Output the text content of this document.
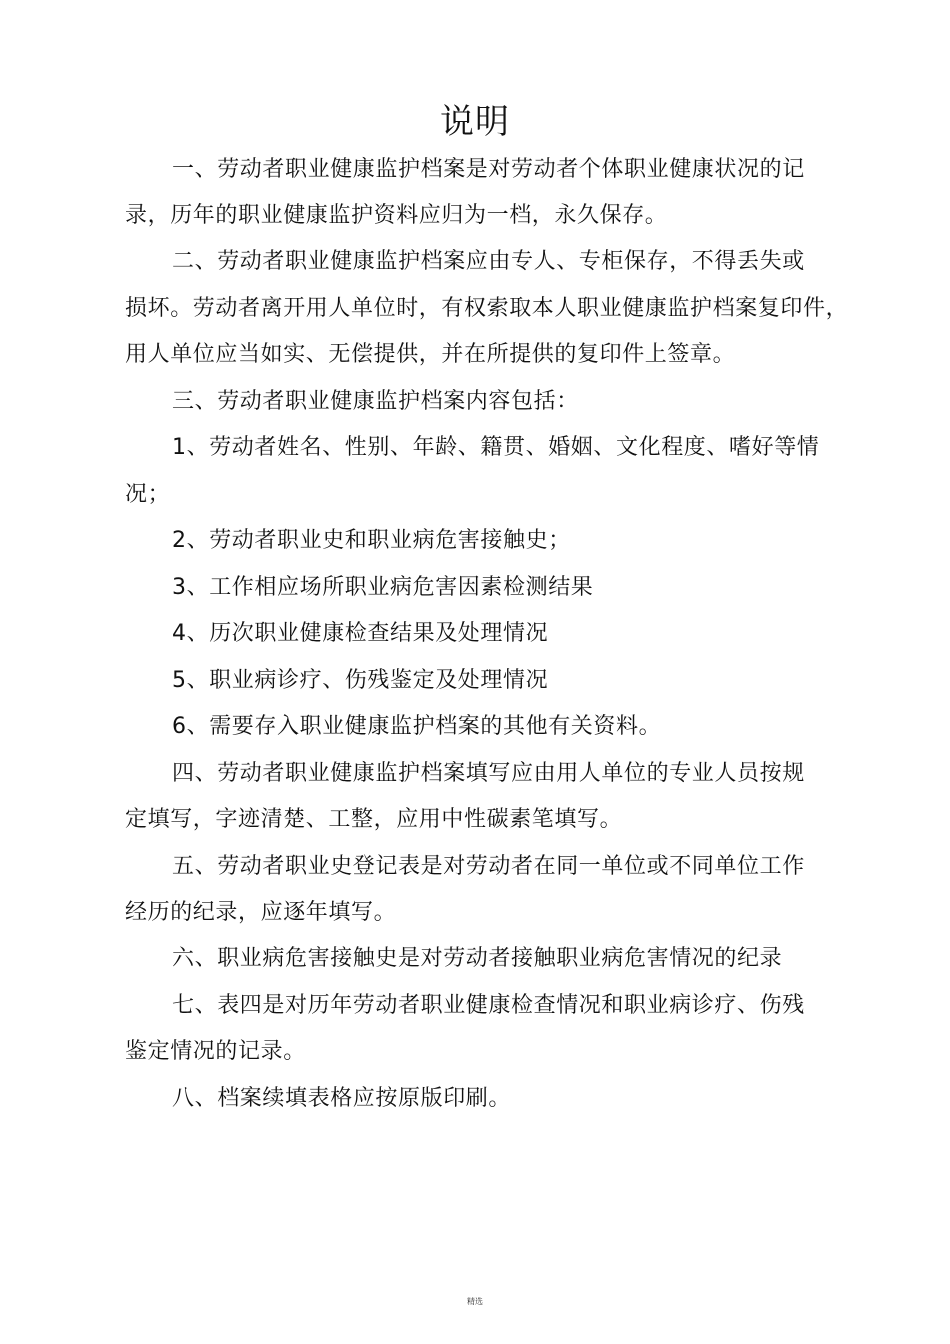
说明
一、劳动者职业健康监护档案是对劳动者个体职业健康状况的记
录，历年的职业健康监护资料应归为一档，永久保存。
二、劳动者职业健康监护档案应由专人、专柜保存，不得丢失或
损坏。劳动者离开用人单位时，有权索取本人职业健康监护档案复印件，
用人单位应当如实、无偿提供，并在所提供的复印件上签章。
三、劳动者职业健康监护档案内容包括：
1、劳动者姓名、性别、年龄、籍贯、婚姻、文化程度、嗜好等情
况；
2、劳动者职业史和职业病危害接触史；
3、工作相应场所职业病危害因素检测结果
4、历次职业健康检查结果及处理情况
5、职业病诊疗、伤残鉴定及处理情况
6、需要存入职业健康监护档案的其他有关资料。
四、劳动者职业健康监护档案填写应由用人单位的专业人员按规
定填写，字迹清楚、工整，应用中性碳素笔填写。
五、劳动者职业史登记表是对劳动者在同一单位或不同单位工作
经历的纪录，应逐年填写。
六、职业病危害接触史是对劳动者接触职业病危害情况的纪录
七、表四是对历年劳动者职业健康检查情况和职业病诊疗、伤残
鉴定情况的记录。
八、档案续填表格应按原版印刷。
精选
